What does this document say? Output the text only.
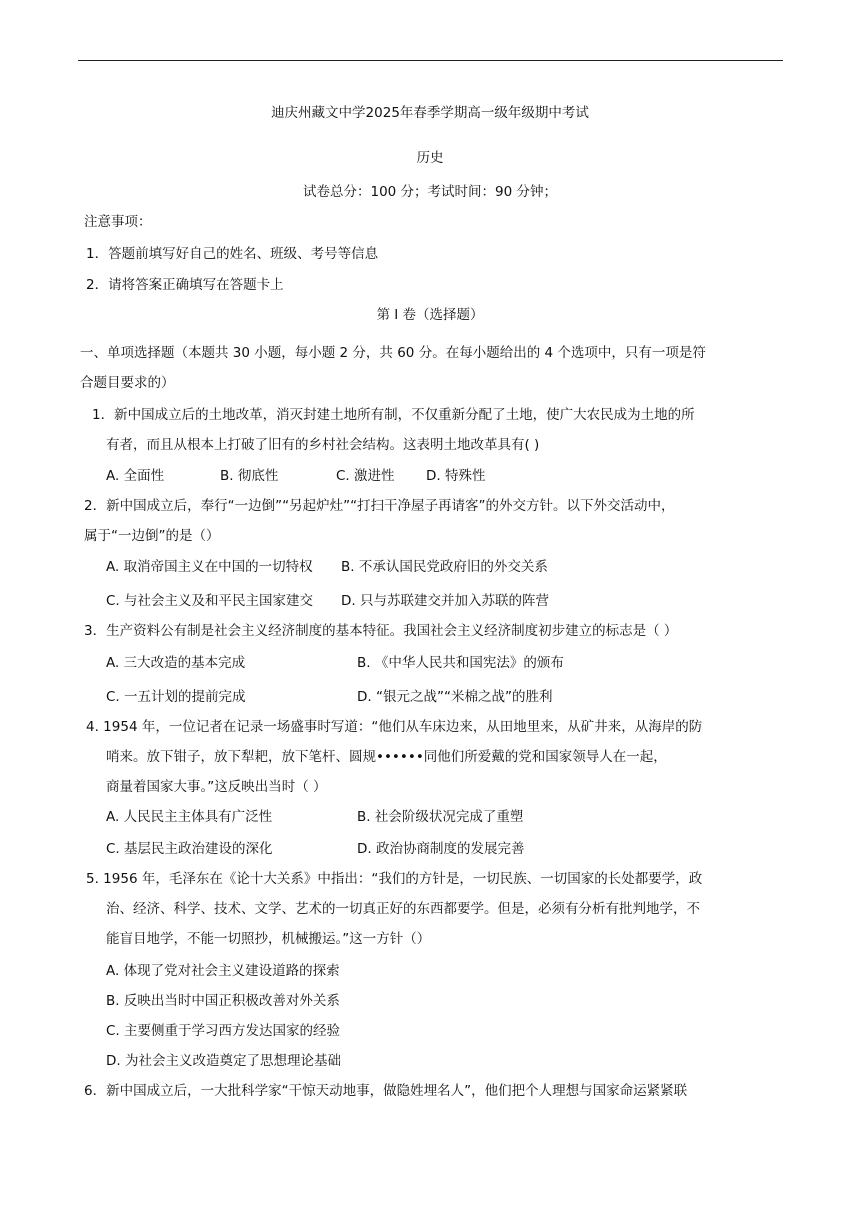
迪庆州藏文中学2025年春季学期高一级年级期中考试
历史
试卷总分：100 分；考试时间：90 分钟；
注意事项：
1．答题前填写好自己的姓名、班级、考号等信息
2．请将答案正确填写在答题卡上
第 I 卷（选择题）
一、单项选择题（本题共 30 小题，每小题 2 分，共 60 分。在每小题给出的 4 个选项中，只有一项是符
合题目要求的）
1．新中国成立后的土地改革，消灭封建土地所有制，不仅重新分配了土地，使广大农民成为土地的所
有者，而且从根本上打破了旧有的乡村社会结构。这表明土地改革具有( )
A. 全面性	B. 彻底性	C. 激进性 D. 特殊性
2．新中国成立后，奉行“一边倒”“另起炉灶”“打扫干净屋子再请客”的外交方针。以下外交活动中，
属于“一边倒”的是（）
A. 取消帝国主义在中国的一切特权 B. 不承认国民党政府旧的外交关系
C. 与社会主义及和平民主国家建交 D. 只与苏联建交并加入苏联的阵营
3．生产资料公有制是社会主义经济制度的基本特征。我国社会主义经济制度初步建立的标志是（ ）
A. 三大改造的基本完成	B. 《中华人民共和国宪法》的颁布
C. 一五计划的提前完成	D. “银元之战”“米棉之战”的胜利
4. 1954 年，一位记者在记录一场盛事时写道：“他们从车床边来，从田地里来，从矿井来，从海岸的防
哨来。放下钳子，放下犁耙，放下笔杆、圆规••••••同他们所爱戴的党和国家领导人在一起，
商量着国家大事。”这反映出当时（ ）
A. 人民民主主体具有广泛性	B. 社会阶级状况完成了重塑
C. 基层民主政治建设的深化	D. 政治协商制度的发展完善
5. 1956 年，毛泽东在《论十大关系》中指出：“我们的方针是，一切民族、一切国家的长处都要学，政
治、经济、科学、技术、文学、艺术的一切真正好的东西都要学。但是，必须有分析有批判地学，不
能盲目地学，不能一切照抄，机械搬运。”这一方针（）
A. 体现了党对社会主义建设道路的探索
B. 反映出当时中国正积极改善对外关系
C. 主要侧重于学习西方发达国家的经验
D. 为社会主义改造奠定了思想理论基础
6．新中国成立后，一大批科学家“干惊天动地事，做隐姓埋名人”，他们把个人理想与国家命运紧紧联
